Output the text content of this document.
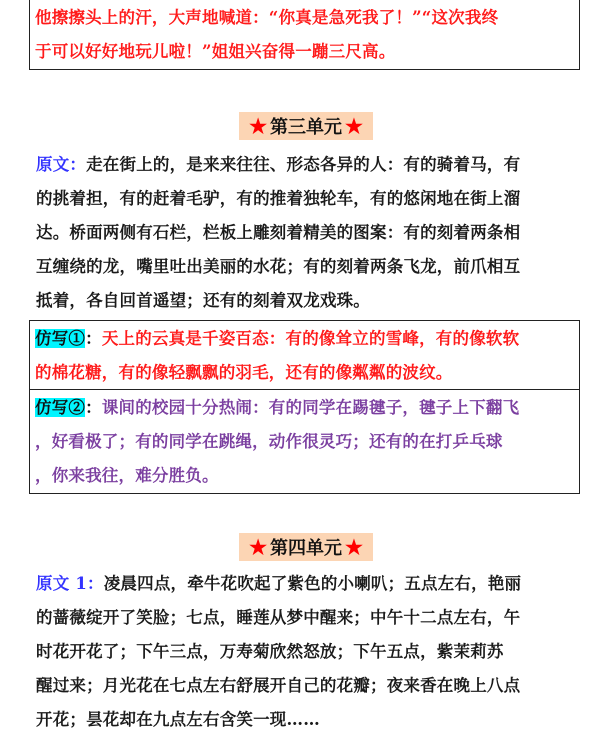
他擦擦头上的汗，大声地喊道：“你真是急死我了！”“这次我终
于可以好好地玩儿啦！”姐姐兴奋得一蹦三尺高。
★ 第三单元 ★
原文：走在街上的，是来来往往、形态各异的人：有的骑着马，有
的挑着担，有的赶着毛驴，有的推着独轮车，有的悠闲地在街上溜
达。桥面两侧有石栏，栏板上雕刻着精美的图案：有的刻着两条相
互缠绕的龙，嘴里吐出美丽的水花；有的刻着两条飞龙，前爪相互
抵着，各自回首遥望；还有的刻着双龙戏珠。
仿写①：天上的云真是千姿百态：有的像耸立的雪峰，有的像软软
的棉花糖，有的像轻飘飘的羽毛，还有的像粼粼的波纹。
仿写②：课间的校园十分热闹：有的同学在踢毽子，毽子上下翻飞
，好看极了；有的同学在跳绳，动作很灵巧；还有的在打乒乓球
，你来我往，难分胜负。
★ 第四单元 ★
原文 1：凌晨四点，牵牛花吹起了紫色的小喇叭；五点左右，艳丽
的蔷薇绽开了笑脸；七点，睡莲从梦中醒来；中午十二点左右，午
时花开花了；下午三点，万寿菊欣然怒放；下午五点，紫茉莉苏
醒过来；月光花在七点左右舒展开自己的花瓣；夜来香在晚上八点
开花；昙花却在九点左右含笑一现……
